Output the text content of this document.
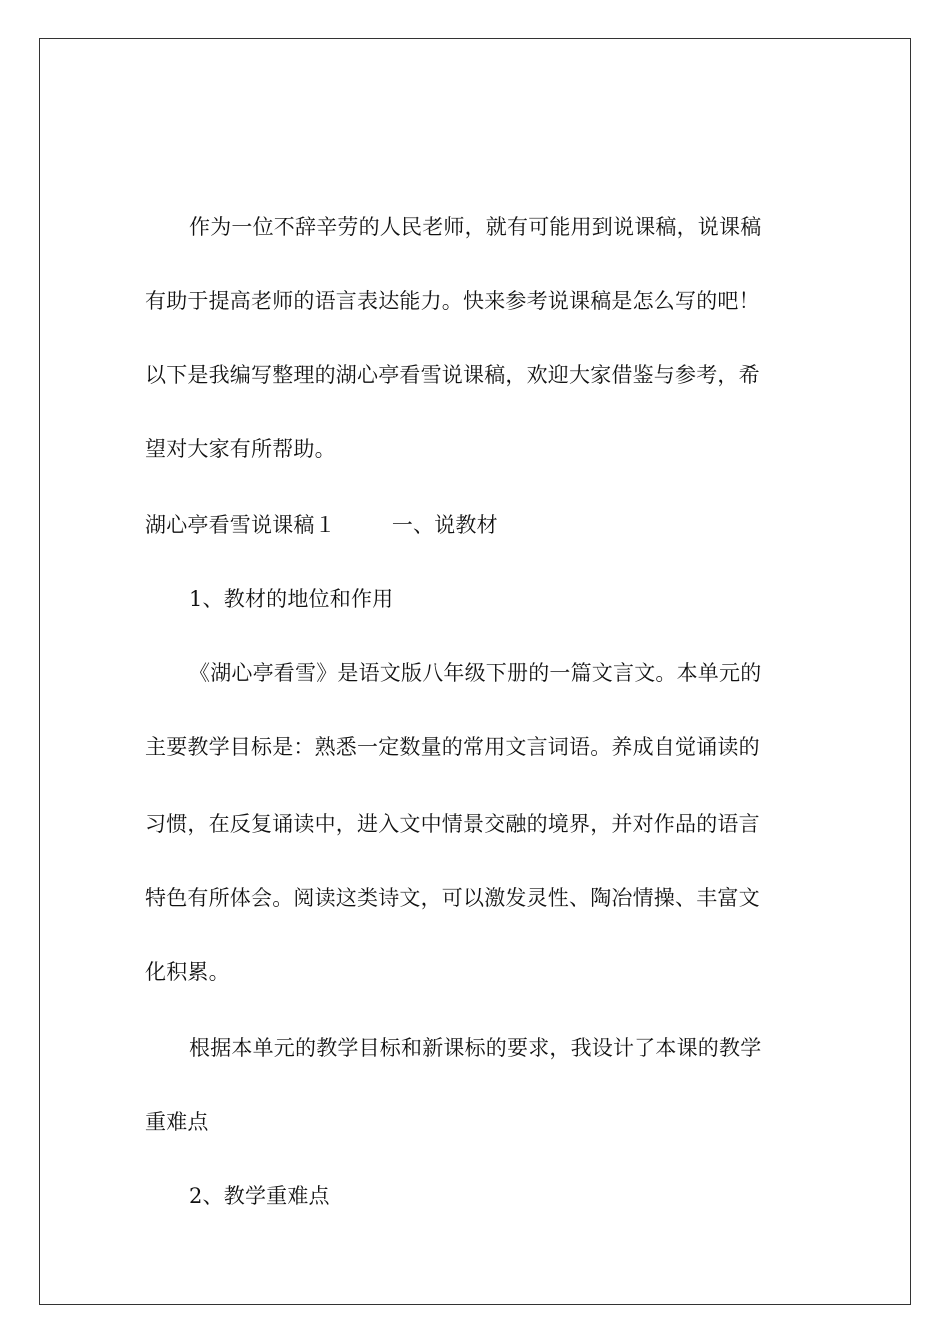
作为一位不辞辛劳的人民老师，就有可能用到说课稿，说课稿
有助于提高老师的语言表达能力。快来参考说课稿是怎么写的吧！
以下是我编写整理的湖心亭看雪说课稿，欢迎大家借鉴与参考，希
望对大家有所帮助。
湖心亭看雪说课稿１	一、说教材
1、教材的地位和作用
《湖心亭看雪》是语文版八年级下册的一篇文言文。本单元的
主要教学目标是：熟悉一定数量的常用文言词语。养成自觉诵读的
习惯，在反复诵读中，进入文中情景交融的境界，并对作品的语言
特色有所体会。阅读这类诗文，可以激发灵性、陶冶情操、丰富文
化积累。
根据本单元的教学目标和新课标的要求，我设计了本课的教学
重难点
2、教学重难点
